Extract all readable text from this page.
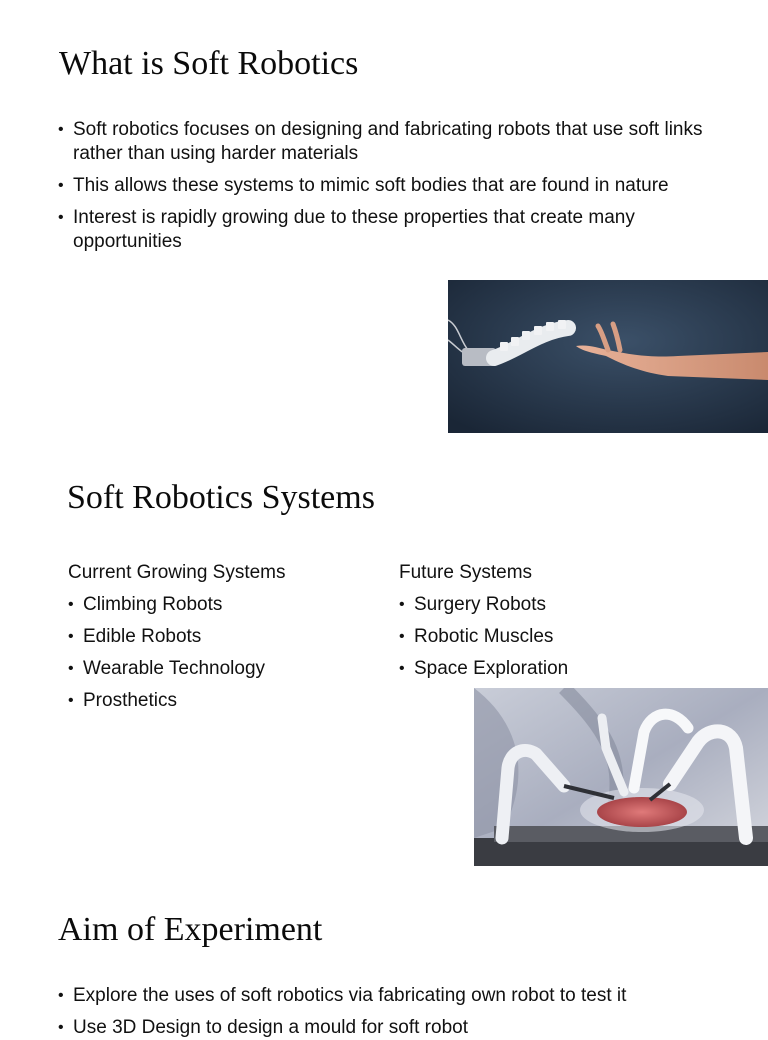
What is Soft Robotics
• Soft robotics focuses on designing and fabricating robots that use soft links rather than using harder materials
• This allows these systems to mimic soft bodies that are found in nature
• Interest is rapidly growing due to these properties that create many opportunities
Soft Robotics Systems
Current Growing Systems
• Climbing Robots
• Edible Robots
• Wearable Technology
• Prosthetics
Future Systems
• Surgery Robots
• Robotic Muscles
• Space Exploration
Aim of Experiment
• Explore the uses of soft robotics via fabricating own robot to test it
• Use 3D Design to design a mould for soft robot
